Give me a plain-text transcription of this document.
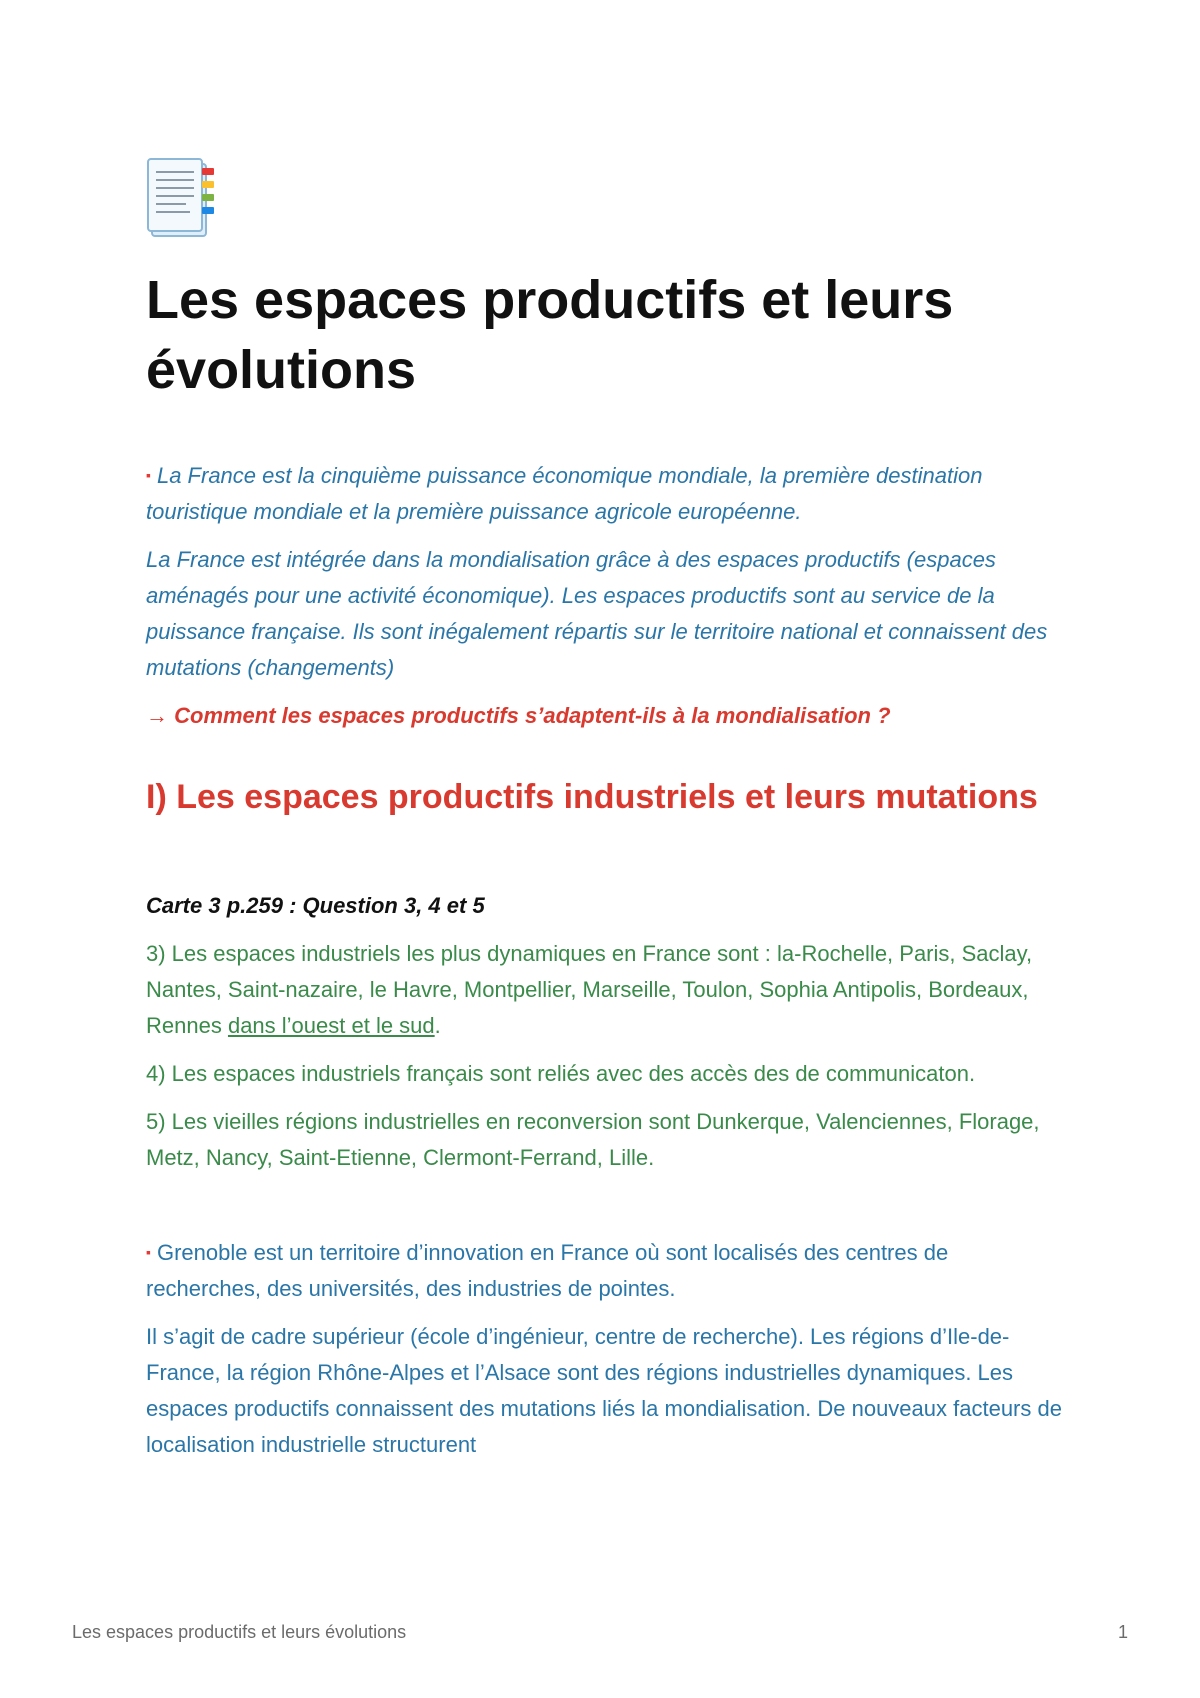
Les espaces productifs et leurs évolutions

▪ La France est la cinquième puissance économique mondiale, la première destination touristique mondiale et la première puissance agricole européenne.

La France est intégrée dans la mondialisation grâce à des espaces productifs (espaces aménagés pour une activité économique). Les espaces productifs sont au service de la puissance française. Ils sont inégalement répartis sur le territoire national et connaissent des mutations (changements)

→ Comment les espaces productifs s’adaptent-ils à la mondialisation ?

I) Les espaces productifs industriels et leurs mutations

Carte 3 p.259 : Question 3, 4 et 5

3) Les espaces industriels les plus dynamiques en France sont : la-Rochelle, Paris, Saclay, Nantes, Saint-nazaire, le Havre, Montpellier, Marseille, Toulon, Sophia Antipolis, Bordeaux, Rennes dans l’ouest et le sud.

4) Les espaces industriels français sont reliés avec des accès des de communicaton.

5) Les vieilles régions industrielles en reconversion sont Dunkerque, Valenciennes, Florage, Metz, Nancy, Saint-Etienne, Clermont-Ferrand, Lille.

▪ Grenoble est un territoire d’innovation en France où sont localisés des centres de recherches, des universités, des industries de pointes.

Il s’agit de cadre supérieur (école d’ingénieur, centre de recherche). Les régions d’Ile-de-France, la région Rhône-Alpes et l’Alsace sont des régions industrielles dynamiques. Les espaces productifs connaissent des mutations liés la mondialisation. De nouveaux facteurs de localisation industrielle structurent

Les espaces productifs et leurs évolutions	1
